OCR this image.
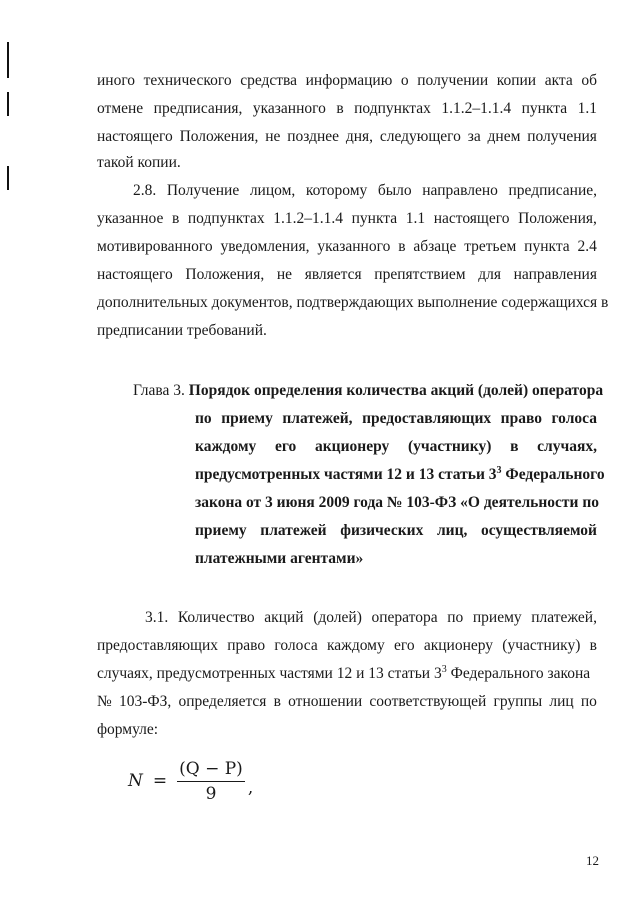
иного технического средства информацию о получении копии акта об
отмене предписания, указанного в подпунктах 1.1.2–1.1.4 пункта 1.1
настоящего Положения, не позднее дня, следующего за днем получения
такой копии.
2.8. Получение лицом, которому было направлено предписание,
указанное в подпунктах 1.1.2–1.1.4 пункта 1.1 настоящего Положения,
мотивированного уведомления, указанного в абзаце третьем пункта 2.4
настоящего Положения, не является препятствием для направления
дополнительных документов, подтверждающих выполнение содержащихся в
предписании требований.
Глава 3. Порядок определения количества акций (долей) оператора
по приему платежей, предоставляющих право голоса
каждому его акционеру (участнику) в случаях,
предусмотренных частями 12 и 13 статьи $3^3$ Федерального
закона от 3 июня 2009 года № 103-ФЗ «О деятельности по
приему платежей физических лиц, осуществляемой
платежными агентами»
3.1. Количество акций (долей) оператора по приему платежей,
предоставляющих право голоса каждому его акционеру (участнику) в
случаях, предусмотренных частями 12 и 13 статьи $3^3$ Федерального закона
№ 103-ФЗ, определяется в отношении соответствующей группы лиц по
формуле:
$N = \frac{(Q - P)}{9}$ ,
12
